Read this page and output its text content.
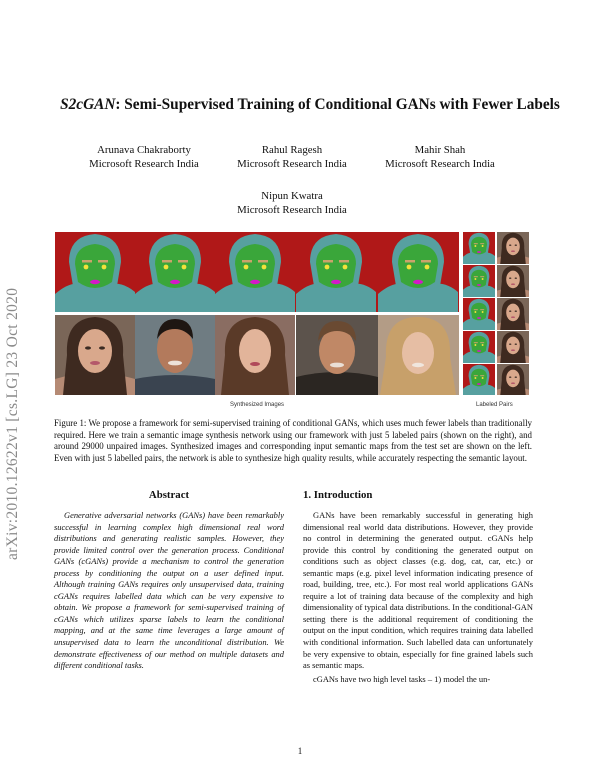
arXiv:2010.12622v1 [cs.LG] 23 Oct 2020
S2cGAN: Semi-Supervised Training of Conditional GANs with Fewer Labels
Arunava Chakraborty
Microsoft Research India
Rahul Ragesh
Microsoft Research India
Mahir Shah
Microsoft Research India
Nipun Kwatra
Microsoft Research India
Synthesized Images	Labeled Pairs
Figure 1: We propose a framework for semi-supervised training of conditional GANs, which uses much fewer labels than traditionally required. Here we train a semantic image synthesis network using our framework with just 5 labeled pairs (shown on the right), and around 29000 unpaired images. Synthesized images and corresponding input semantic maps from the test set are shown on the left. Even with just 5 labelled pairs, the network is able to synthesize high quality results, while accurately respecting the semantic layout.
Abstract
Generative adversarial networks (GANs) have been remarkably successful in learning complex high dimensional real word distributions and generating realistic samples. However, they provide limited control over the generation process. Conditional GANs (cGANs) provide a mechanism to control the generation process by conditioning the output on a user defined input. Although training GANs requires only unsupervised data, training cGANs requires labelled data which can be very expensive to obtain. We propose a framework for semi-supervised training of cGANs which utilizes sparse labels to learn the conditional mapping, and at the same time leverages a large amount of unsupervised data to learn the unconditional distribution. We demonstrate effectiveness of our method on multiple datasets and different conditional tasks.
1. Introduction

GANs have been remarkably successful in generating high dimensional real world data distributions. However, they provide no control in determining the generated output. cGANs help provide this control by conditioning the generated output on conditions such as object classes (e.g. dog, cat, car, etc.) or semantic maps (e.g. pixel level information indicating presence of road, building, tree, etc.). For most real world applications GANs require a lot of training data because of the complexity and high dimensionality of typical data distributions. In the conditional-GAN setting there is the additional requirement of conditioning the output on the input condition, which requires training data labelled with conditional information. Such labelled data can unfortunately be very expensive to obtain, especially for fine grained labels such as semantic maps.

cGANs have two high level tasks – 1) model the un-

1
